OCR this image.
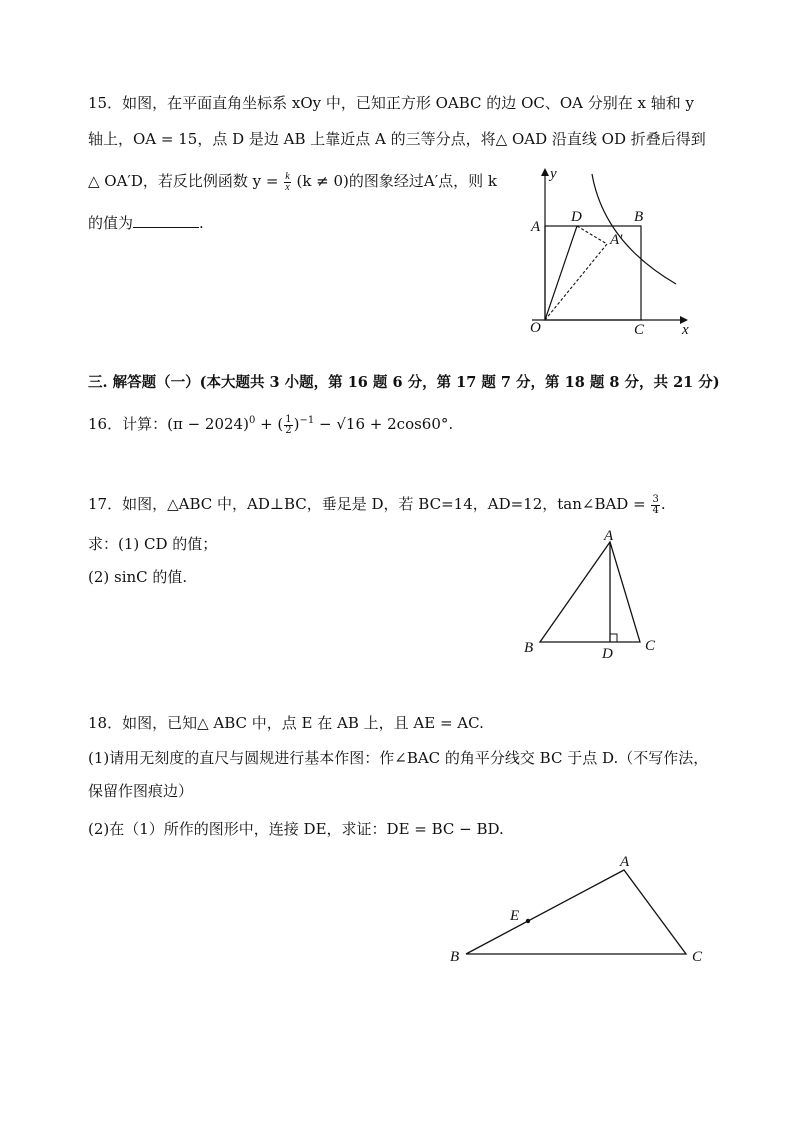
15．如图，在平面直角坐标系 xOy 中，已知正方形 OABC 的边 OC、OA 分别在 x 轴和 y
轴上，OA = 15，点 D 是边 AB 上靠近点 A 的三等分点，将△ OAD 沿直线 OD 折叠后得到
△ OA′D，若反比例函数 $y = \frac{k}{x} (k \ne 0)$的图象经过A′点，则 k
的值为	.
y
x
O
A
B
C
D
A′
三. 解答题（一）(本大题共 3 小题，第 16 题 6 分，第 17 题 7 分，第 18 题 8 分，共 21 分)
16．计算：$(\pi - 2024)^0$ + ( $\frac{1}{2} )^{-1} - √16 + 2\cos 60^\circ$.
17．如图，△ABC 中，AD⊥BC，垂足是 D，若 BC=14，AD=12，tan∠BAD = $\frac{3}{4}$ .
求：(1) CD 的值；
(2) sinC 的值.
A
B	C
D
18．如图，已知△ ABC 中，点 E 在 AB 上，且 AE = AC.
(1)请用无刻度的直尺与圆规进行基本作图：作∠BAC 的角平分线交 BC 于点 D.（不写作法，
保留作图痕边）
(2)在（1）所作的图形中，连接 DE，求证：DE = BC − BD.
A
B	C
E
